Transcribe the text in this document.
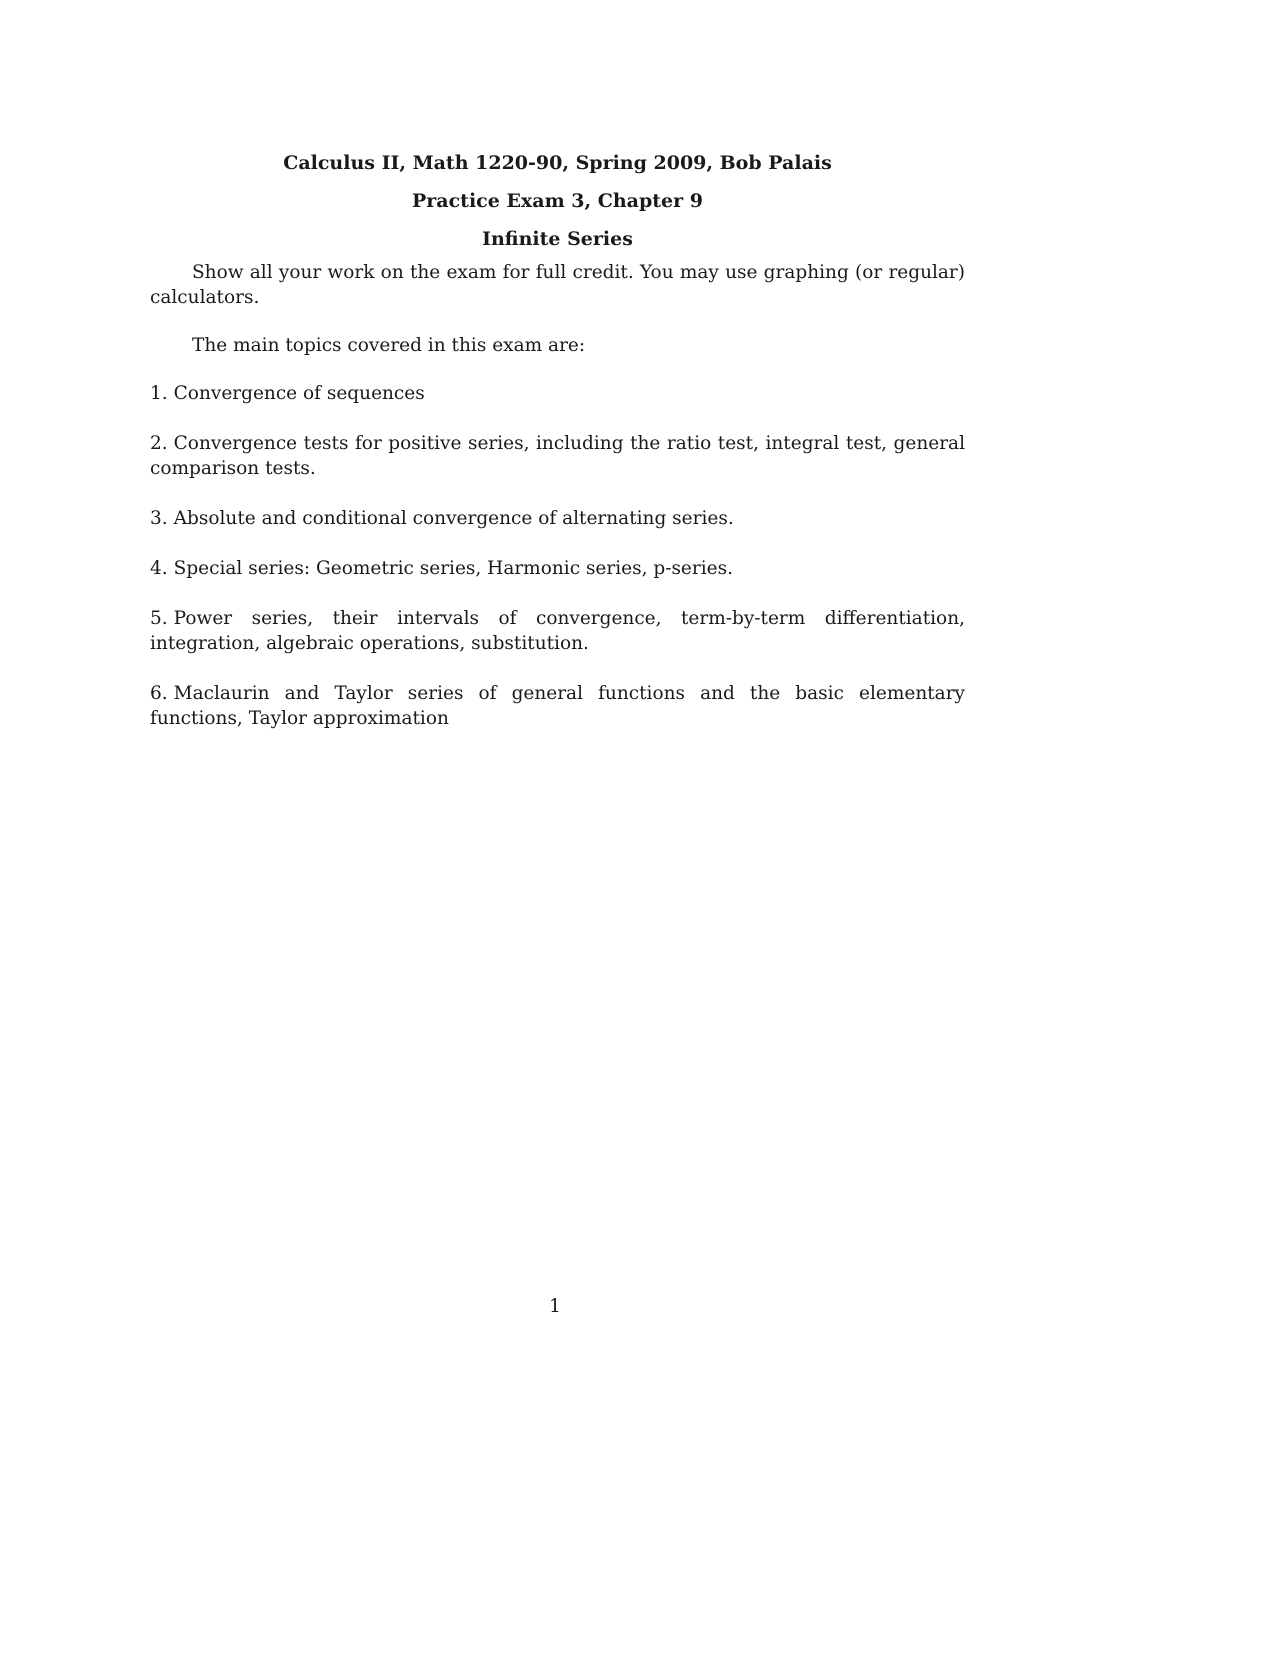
Calculus II, Math 1220-90, Spring 2009, Bob Palais

Practice Exam 3, Chapter 9

Infinite Series

Show all your work on the exam for full credit. You may use graphing (or regular) calculators.

The main topics covered in this exam are:

1. Convergence of sequences

2. Convergence tests for positive series, including the ratio test, integral test, general comparison tests.

3. Absolute and conditional convergence of alternating series.

4. Special series: Geometric series, Harmonic series, p-series.

5. Power series, their intervals of convergence, term-by-term differentiation, integration, algebraic operations, substitution.

6. Maclaurin and Taylor series of general functions and the basic elementary functions, Taylor approximation

1
